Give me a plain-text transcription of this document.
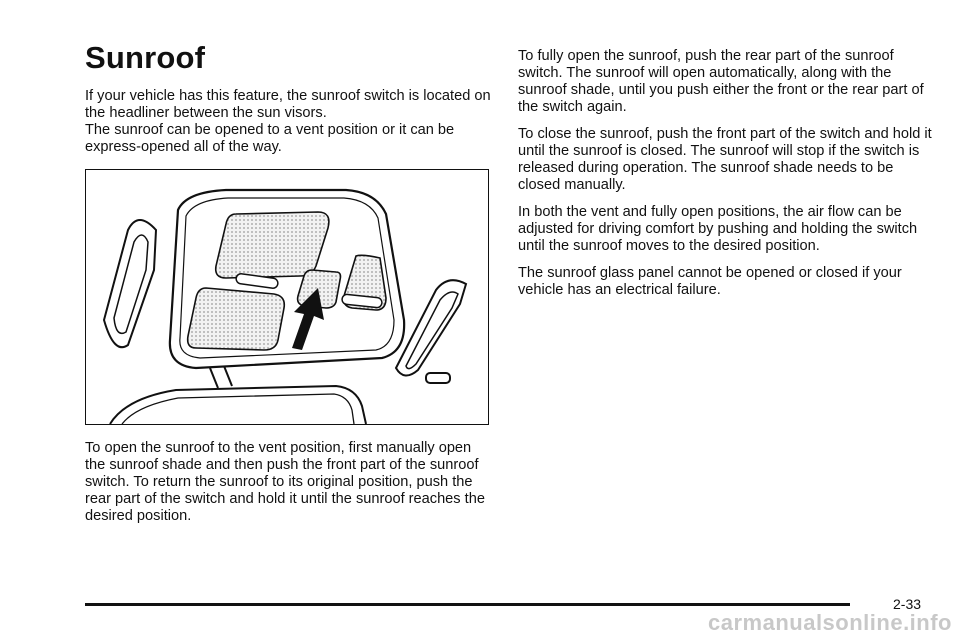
Sunroof

If your vehicle has this feature, the sunroof switch is located on the headliner between the sun visors.

The sunroof can be opened to a vent position or it can be express-opened all of the way.

To open the sunroof to the vent position, first manually open the sunroof shade and then push the front part of the sunroof switch. To return the sunroof to its original position, push the rear part of the switch and hold it until the sunroof reaches the desired position.

To fully open the sunroof, push the rear part of the sunroof switch. The sunroof will open automatically, along with the sunroof shade, until you push either the front or the rear part of the switch again.

To close the sunroof, push the front part of the switch and hold it until the sunroof is closed. The sunroof will stop if the switch is released during operation. The sunroof shade needs to be closed manually.

In both the vent and fully open positions, the air flow can be adjusted for driving comfort by pushing and holding the switch until the sunroof moves to the desired position.

The sunroof glass panel cannot be opened or closed if your vehicle has an electrical failure.

2-33
carmanualsonline.info
